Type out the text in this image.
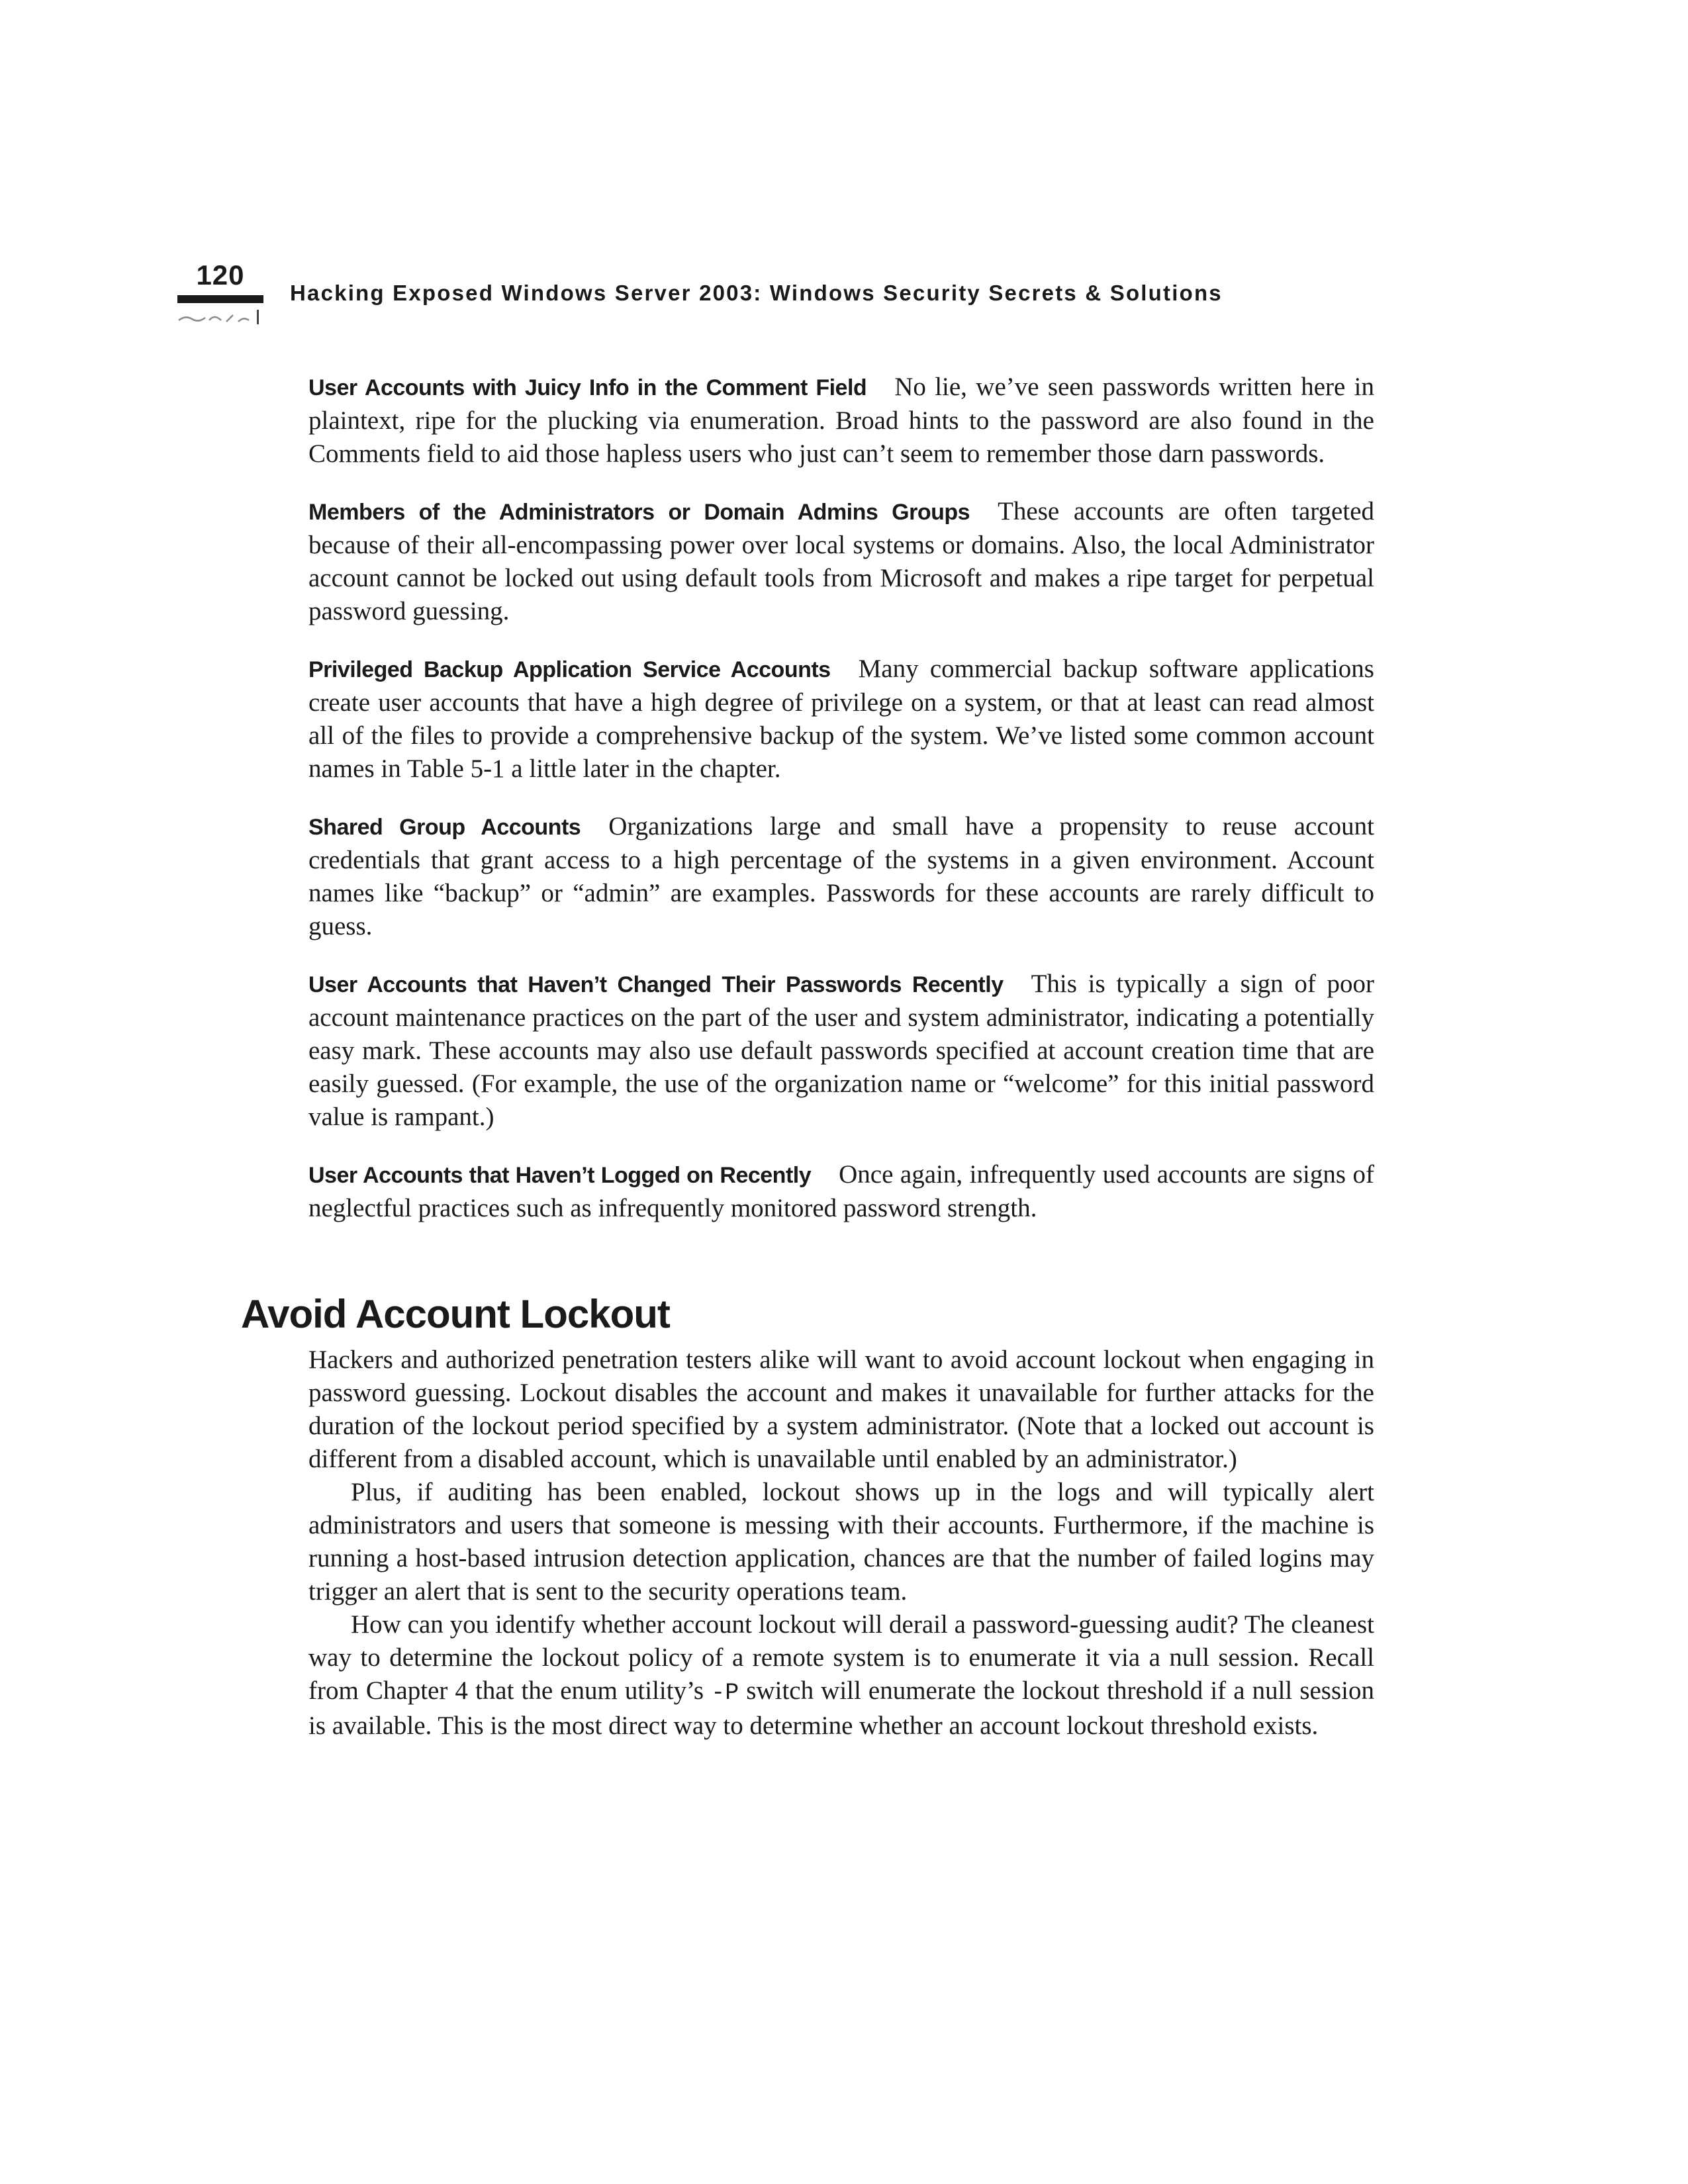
120
Hacking Exposed Windows Server 2003: Windows Security Secrets & Solutions

User Accounts with Juicy Info in the Comment Field No lie, we’ve seen passwords written here in plaintext, ripe for the plucking via enumeration. Broad hints to the password are also found in the Comments field to aid those hapless users who just can’t seem to remember those darn passwords.

Members of the Administrators or Domain Admins Groups These accounts are often targeted because of their all-encompassing power over local systems or domains. Also, the local Administrator account cannot be locked out using default tools from Microsoft and makes a ripe target for perpetual password guessing.

Privileged Backup Application Service Accounts Many commercial backup software applications create user accounts that have a high degree of privilege on a system, or that at least can read almost all of the files to provide a comprehensive backup of the system. We’ve listed some common account names in Table 5-1 a little later in the chapter.

Shared Group Accounts Organizations large and small have a propensity to reuse account credentials that grant access to a high percentage of the systems in a given environment. Account names like “backup” or “admin” are examples. Passwords for these accounts are rarely difficult to guess.

User Accounts that Haven’t Changed Their Passwords Recently This is typically a sign of poor account maintenance practices on the part of the user and system administrator, indicating a potentially easy mark. These accounts may also use default passwords specified at account creation time that are easily guessed. (For example, the use of the organization name or “welcome” for this initial password value is rampant.)

User Accounts that Haven’t Logged on Recently Once again, infrequently used accounts are signs of neglectful practices such as infrequently monitored password strength.

Avoid Account Lockout

Hackers and authorized penetration testers alike will want to avoid account lockout when engaging in password guessing. Lockout disables the account and makes it unavailable for further attacks for the duration of the lockout period specified by a system administrator. (Note that a locked out account is different from a disabled account, which is unavailable until enabled by an administrator.)

Plus, if auditing has been enabled, lockout shows up in the logs and will typically alert administrators and users that someone is messing with their accounts. Furthermore, if the machine is running a host-based intrusion detection application, chances are that the number of failed logins may trigger an alert that is sent to the security operations team.

How can you identify whether account lockout will derail a password-guessing audit? The cleanest way to determine the lockout policy of a remote system is to enumerate it via a null session. Recall from Chapter 4 that the enum utility’s -P switch will enumerate the lockout threshold if a null session is available. This is the most direct way to determine whether an account lockout threshold exists.
